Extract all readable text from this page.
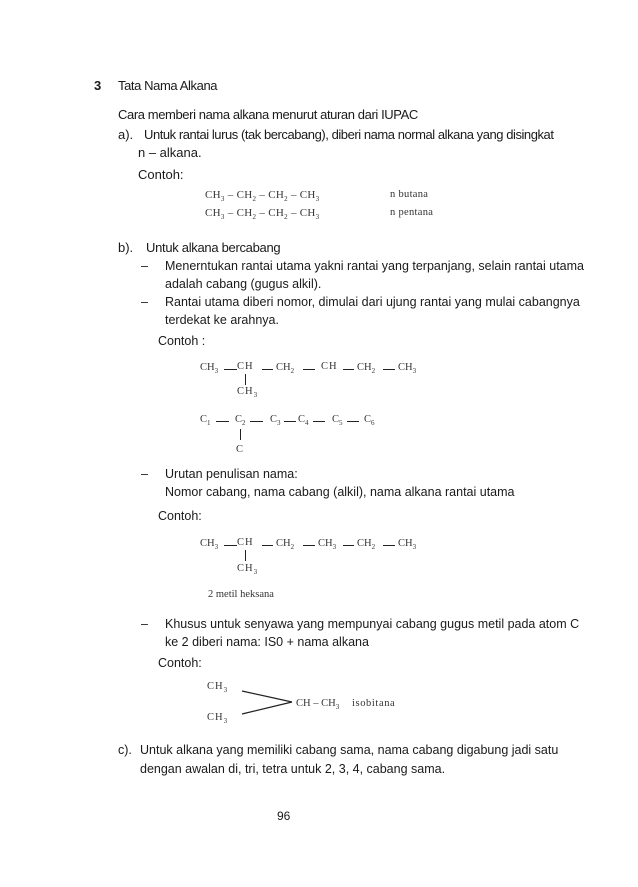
3 Tata Nama Alkana
Cara memberi nama alkana menurut aturan dari IUPAC
a). Untuk rantai lurus (tak bercabang), diberi nama normal alkana yang disingkat
n – alkana.
Contoh:
$CH_3 - CH_2 - CH_2 - CH_3$	n butana
$CH_3 - CH_2 - CH_2 - CH_3$	n pentana
b). Untuk alkana bercabang
– Menerntukan rantai utama yakni rantai yang terpanjang, selain rantai utama
adalah cabang (gugus alkil).
– Rantai utama diberi nomor, dimulai dari ujung rantai yang mulai cabangnya
terdekat ke arahnya.
Contoh :
$CH_3$ CH $CH_2$	CH $CH_2$ $CH_3$
$CH_3$
$C_1$ $C_2$ $C_3$ $C_4$ $C_5$ $C_6$
C
– Urutan penulisan nama:
Nomor cabang, nama cabang (alkil), nama alkana rantai utama
Contoh:
$CH_3$ CH $CH_2$ $CH_3$ $CH_2$ $CH_3$
$CH_3$
2 metil heksana
– Khusus untuk senyawa yang mempunyai cabang gugus metil pada atom C
ke 2 diberi nama: IS0 + nama alkana
Contoh:
$CH_3$
$CH_3$
CH – $CH_3$ isobitana
c). Untuk alkana yang memiliki cabang sama, nama cabang digabung jadi satu
dengan awalan di, tri, tetra untuk 2, 3, 4, cabang sama.
96
